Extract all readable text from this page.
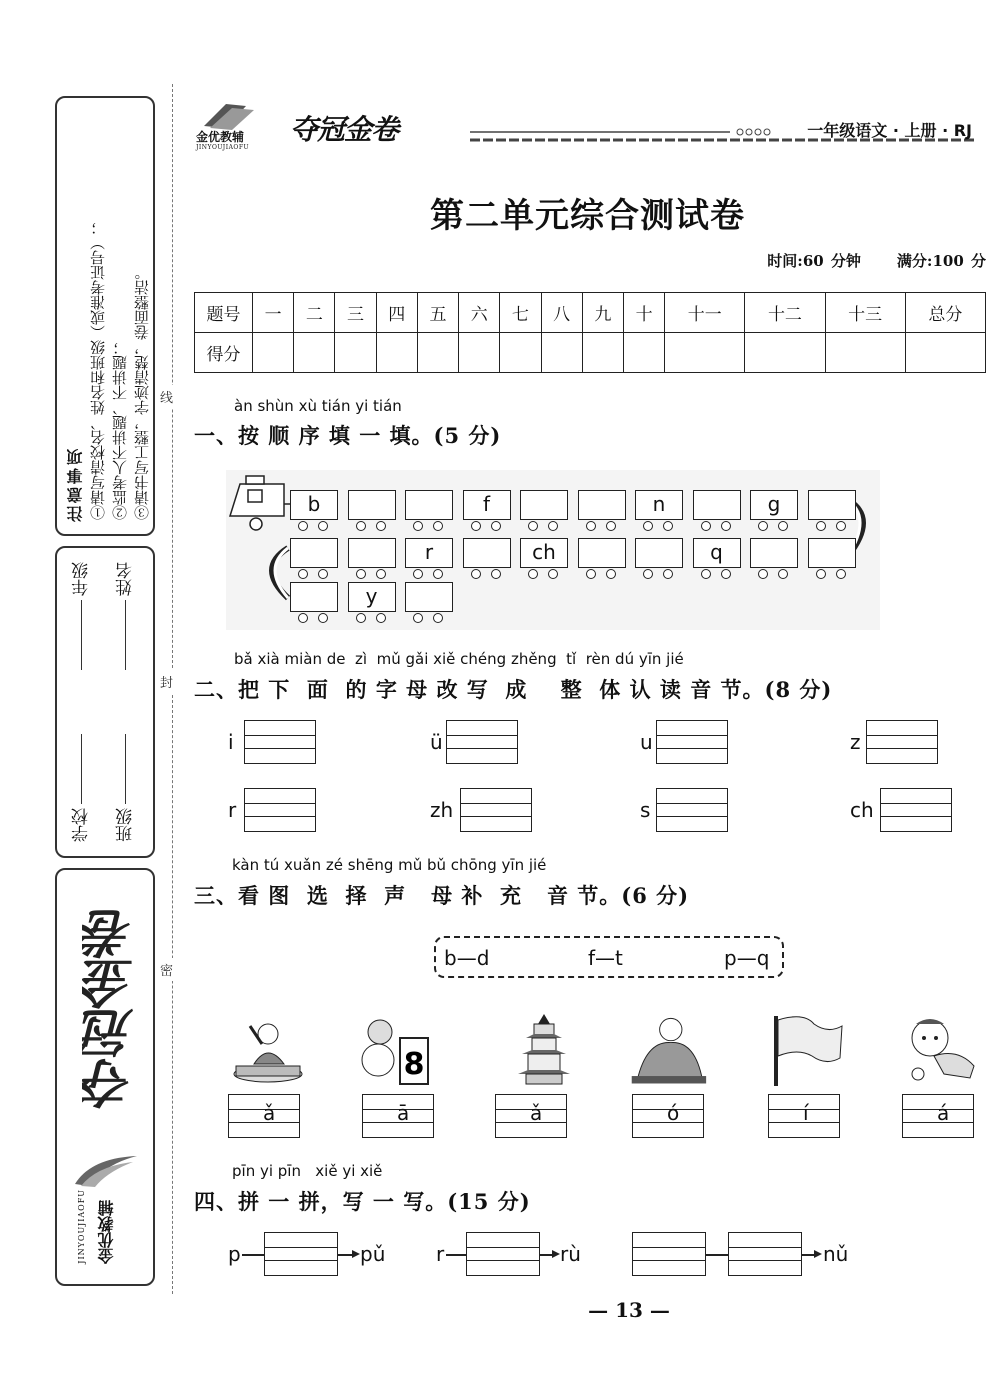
注意事项 ①请写清校名、姓名和班级（或准考证号）； ②监考人不讲题、不讲题； ③请书写工整，字迹清楚，卷面整洁。
学校
年级
班级
姓名
夺冠金卷
金优教辅
JINYOUJIAOFU
线
封
密
金优教辅
JINYOUJIAOFU
夺冠金卷	一年级语文 · 上册 · RJ
第二单元综合测试卷
时间:60 分钟 满分:100 分
题号	一	二	三	四	五	六	七	八	九	十	十一	十二	十三	总分
得分														
àn shùn xù tián yi tián
一、按 顺 序 填 一 填。(5 分)
b	f	n	g
r	ch	q
y
bǎ xià miàn de  zì  mǔ gǎi xiě chéng zhěng  tǐ  rèn dú yīn jié
二、把 下  面  的 字 母 改 写  成    整  体 认 读 音 节。(8 分)
i	ü	u	z
r	zh	s	ch
kàn tú xuǎn zé shēng mǔ bǔ chōng yīn jié
三、看 图  选  择  声   母 补  充   音 节。(6 分)
b—d	f—t	p—q
8
ǎ	ā	ǎ	ó	í	á
pīn yi pīn   xiě yi xiě
四、拼 一 拼，写 一 写。(15 分)
p	pǔ	r	rù	nǔ
— 13 —
